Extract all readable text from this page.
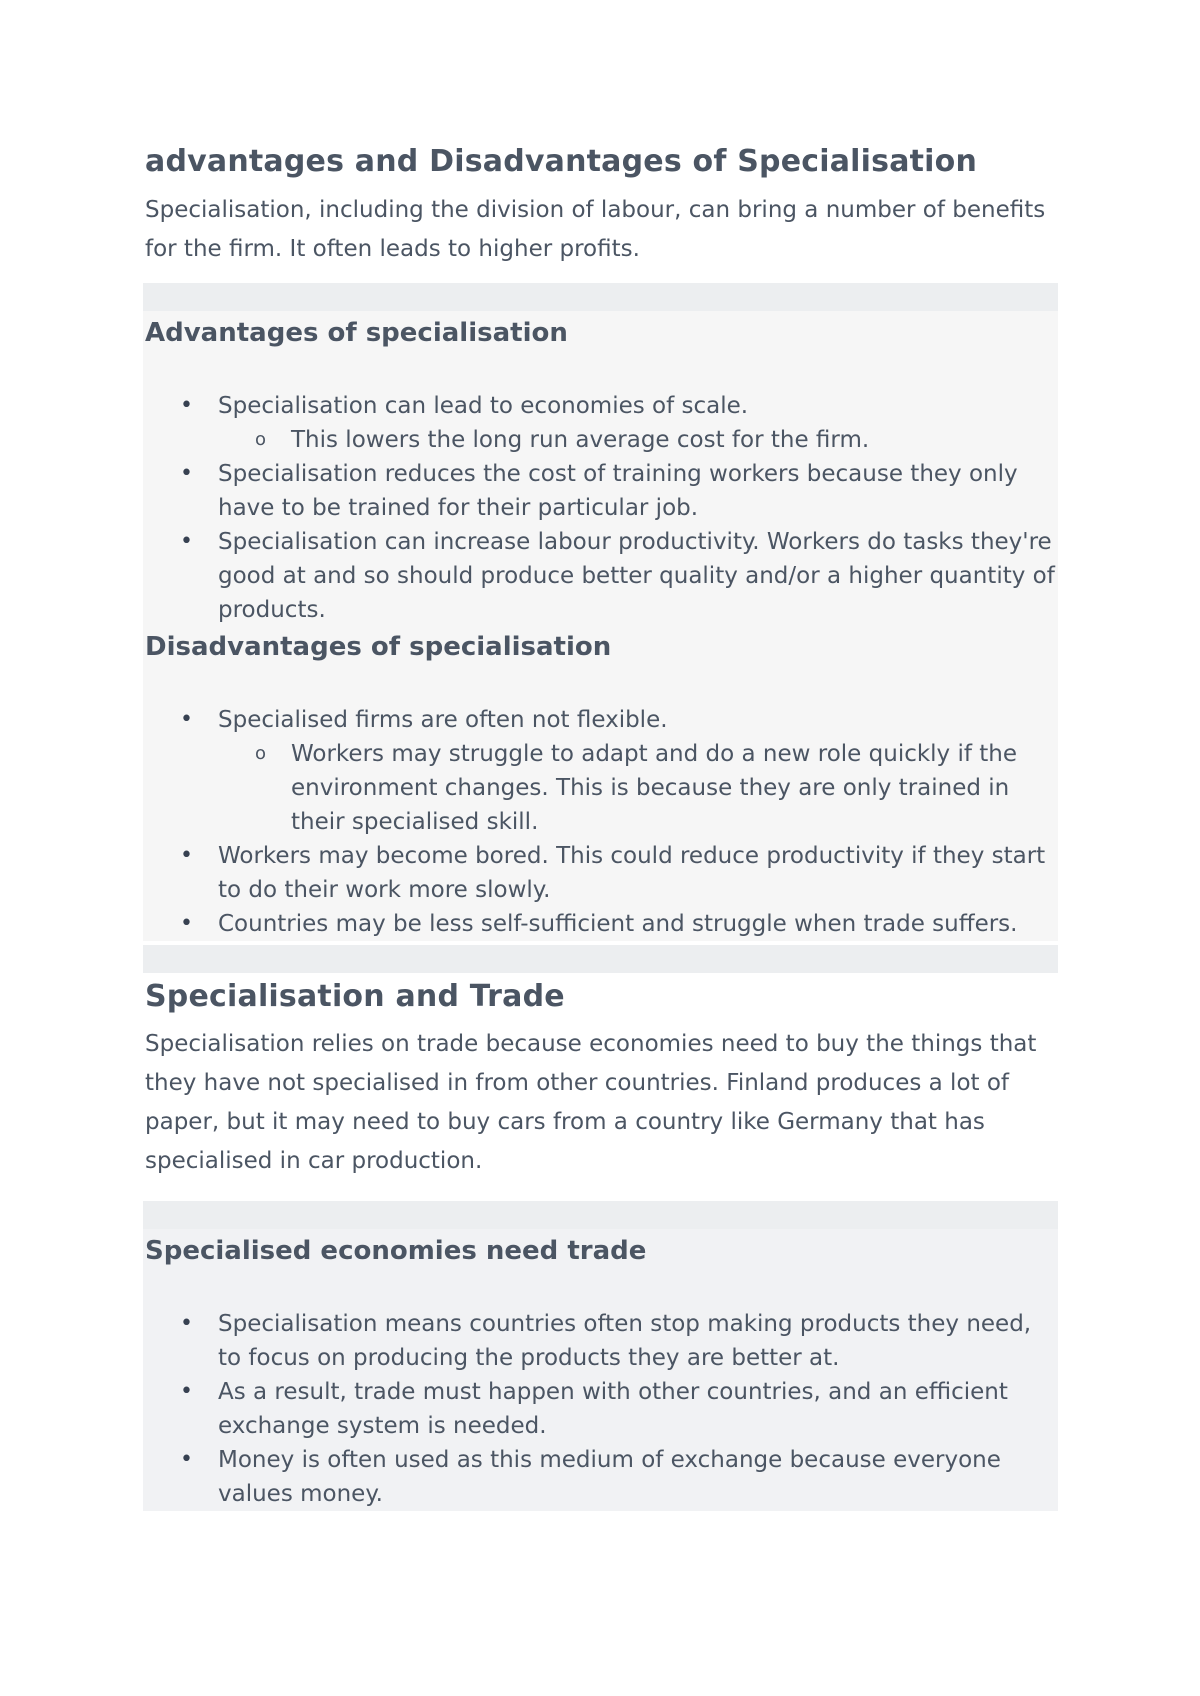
advantages and Disadvantages of Specialisation

Specialisation, including the division of labour, can bring a number of benefits for the firm. It often leads to higher profits.

Advantages of specialisation
• Specialisation can lead to economies of scale.
o This lowers the long run average cost for the firm.
• Specialisation reduces the cost of training workers because they only have to be trained for their particular job.
• Specialisation can increase labour productivity. Workers do tasks they're good at and so should produce better quality and/or a higher quantity of products.
Disadvantages of specialisation
• Specialised firms are often not flexible.
o Workers may struggle to adapt and do a new role quickly if the environment changes. This is because they are only trained in their specialised skill.
• Workers may become bored. This could reduce productivity if they start to do their work more slowly.
• Countries may be less self-sufficient and struggle when trade suffers.
Specialisation and Trade

Specialisation relies on trade because economies need to buy the things that they have not specialised in from other countries. Finland produces a lot of paper, but it may need to buy cars from a country like Germany that has specialised in car production.

Specialised economies need trade
• Specialisation means countries often stop making products they need, to focus on producing the products they are better at.
• As a result, trade must happen with other countries, and an efficient exchange system is needed.
• Money is often used as this medium of exchange because everyone values money.
